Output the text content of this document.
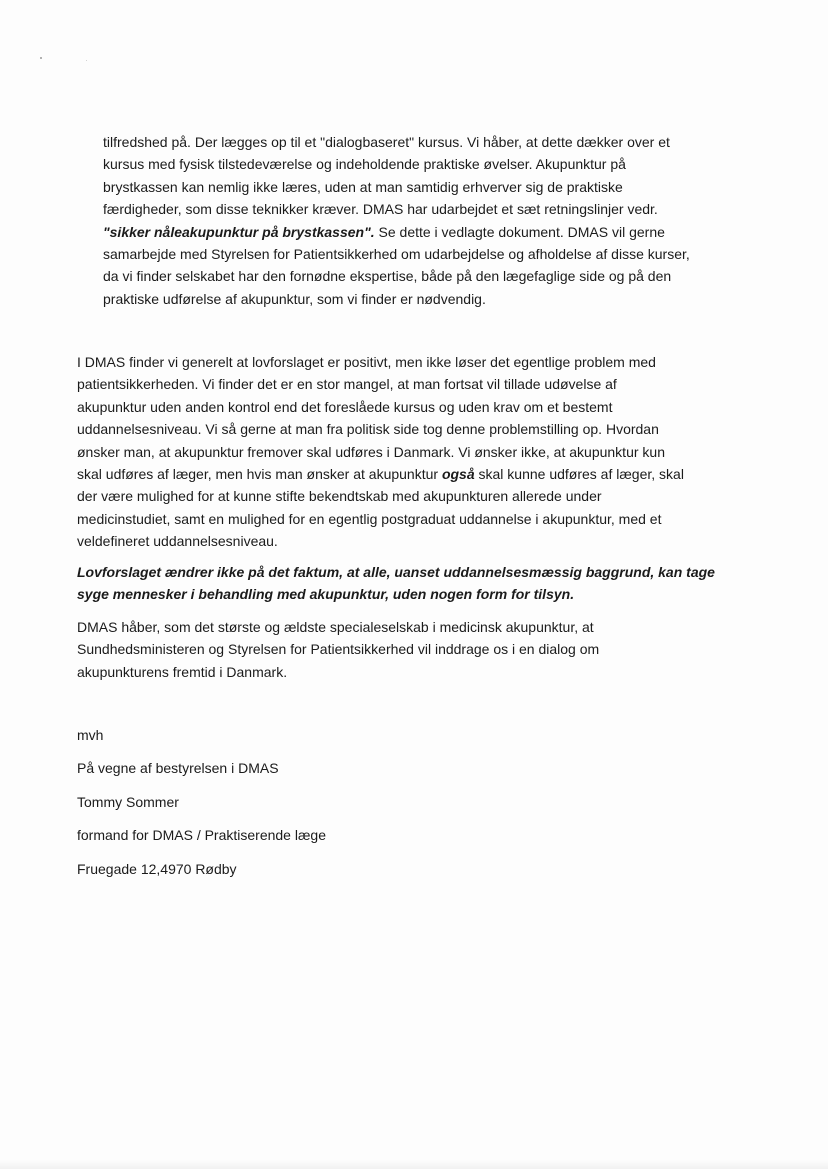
tilfredshed på. Der lægges op til et "dialogbaseret" kursus. Vi håber, at dette dækker over et
kursus med fysisk tilstedeværelse og indeholdende praktiske øvelser. Akupunktur på
brystkassen kan nemlig ikke læres, uden at man samtidig erhverver sig de praktiske
færdigheder, som disse teknikker kræver. DMAS har udarbejdet et sæt retningslinjer vedr.
"sikker nåleakupunktur på brystkassen". Se dette i vedlagte dokument. DMAS vil gerne
samarbejde med Styrelsen for Patientsikkerhed om udarbejdelse og afholdelse af disse kurser,
da vi finder selskabet har den fornødne ekspertise, både på den lægefaglige side og på den
praktiske udførelse af akupunktur, som vi finder er nødvendig.

I DMAS finder vi generelt at lovforslaget er positivt, men ikke løser det egentlige problem med
patientsikkerheden. Vi finder det er en stor mangel, at man fortsat vil tillade udøvelse af
akupunktur uden anden kontrol end det foreslåede kursus og uden krav om et bestemt
uddannelsesniveau. Vi så gerne at man fra politisk side tog denne problemstilling op. Hvordan
ønsker man, at akupunktur fremover skal udføres i Danmark. Vi ønsker ikke, at akupunktur kun
skal udføres af læger, men hvis man ønsker at akupunktur også skal kunne udføres af læger, skal
der være mulighed for at kunne stifte bekendtskab med akupunkturen allerede under
medicinstudiet, samt en mulighed for en egentlig postgraduat uddannelse i akupunktur, med et
veldefineret uddannelsesniveau.

Lovforslaget ændrer ikke på det faktum, at alle, uanset uddannelsesmæssig baggrund, kan tage
syge mennesker i behandling med akupunktur, uden nogen form for tilsyn.

DMAS håber, som det største og ældste specialeselskab i medicinsk akupunktur, at
Sundhedsministeren og Styrelsen for Patientsikkerhed vil inddrage os i en dialog om
akupunkturens fremtid i Danmark.

mvh

På vegne af bestyrelsen i DMAS

Tommy Sommer

formand for DMAS / Praktiserende læge

Fruegade 12,4970 Rødby
